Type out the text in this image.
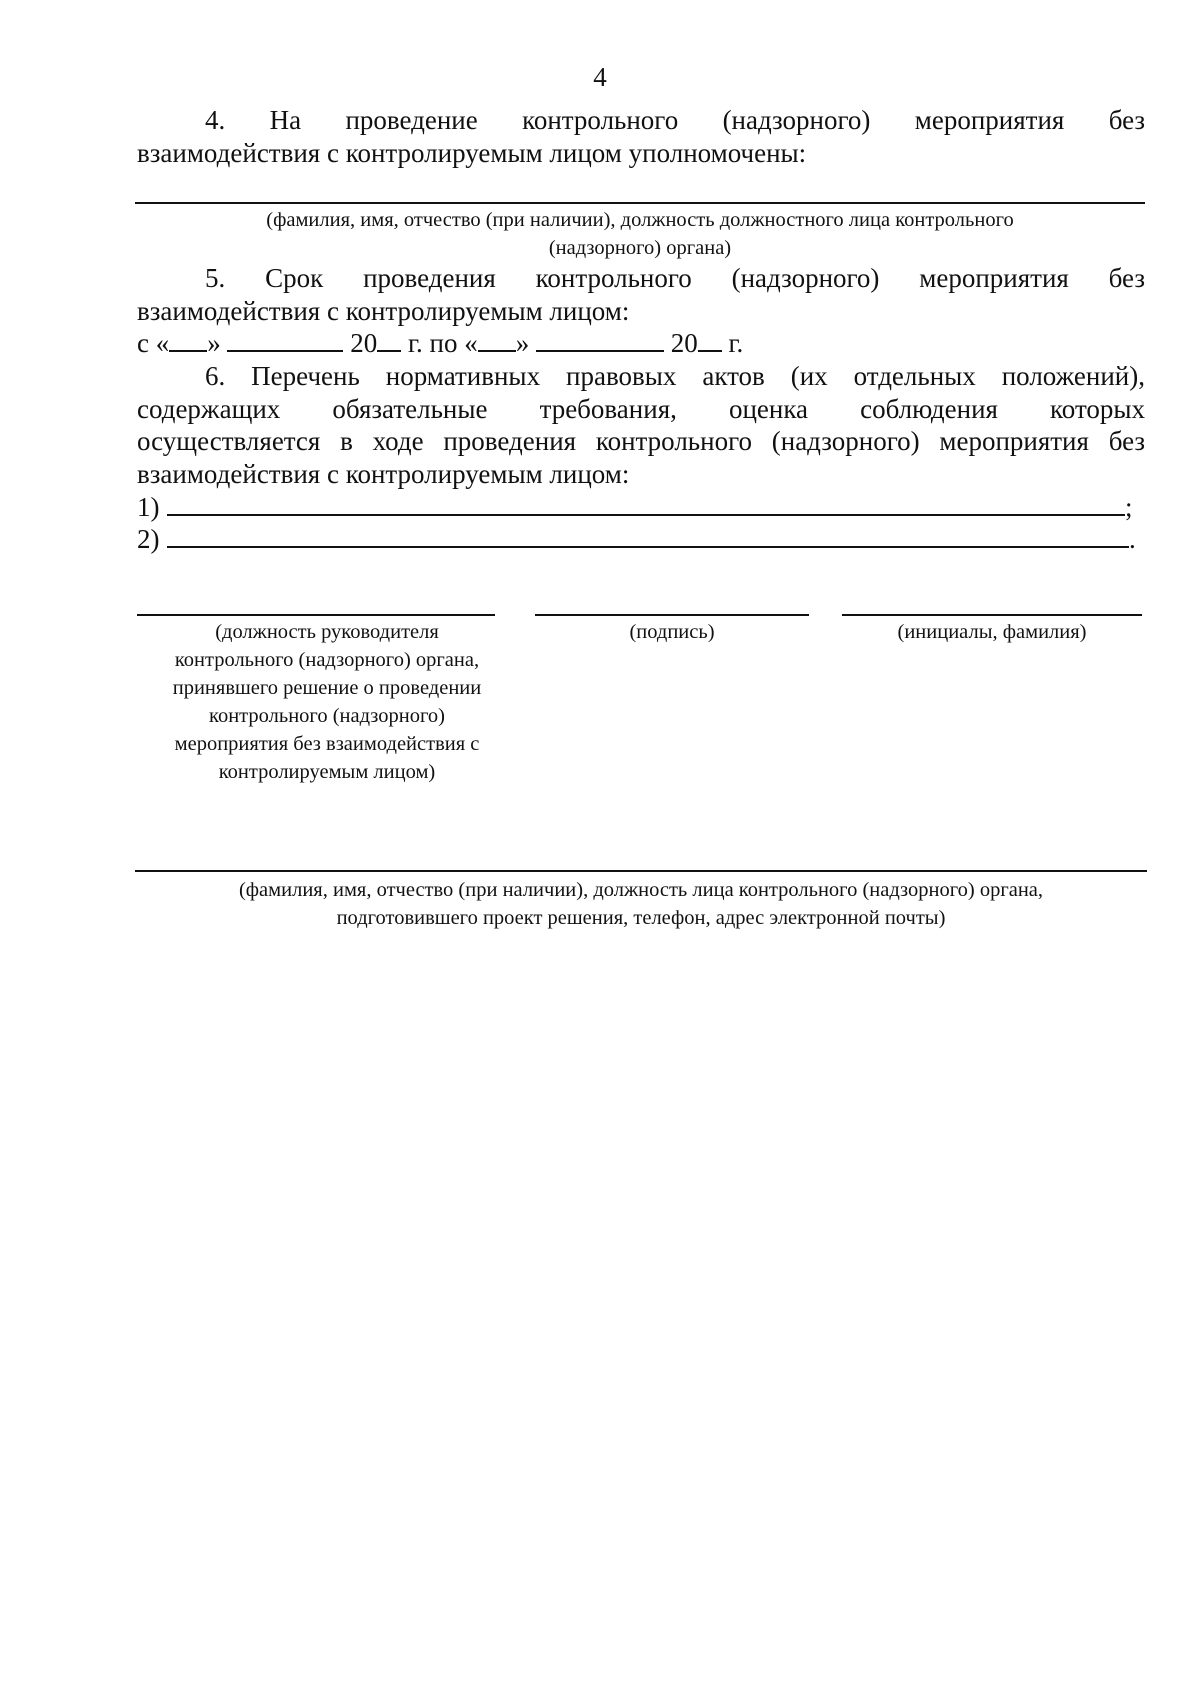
4
4. На проведение контрольного (надзорного) мероприятия без
взаимодействия с контролируемым лицом уполномочены:
(фамилия, имя, отчество (при наличии), должность должностного лица контрольного
(надзорного) органа)
5. Срок проведения контрольного (надзорного) мероприятия без
взаимодействия с контролируемым лицом:
с « »	20 г. по « »	20 г.
6. Перечень нормативных правовых актов (их отдельных положений),
содержащих обязательные требования, оценка соблюдения которых
осуществляется в ходе проведения контрольного (надзорного) мероприятия без
взаимодействия с контролируемым лицом:
1)	;
2)	.
(должность руководителя
контрольного (надзорного) органа,
принявшего решение о проведении
контрольного (надзорного)
мероприятия без взаимодействия с
контролируемым лицом)
(подпись)	(инициалы, фамилия)
(фамилия, имя, отчество (при наличии), должность лица контрольного (надзорного) органа,
подготовившего проект решения, телефон, адрес электронной почты)
